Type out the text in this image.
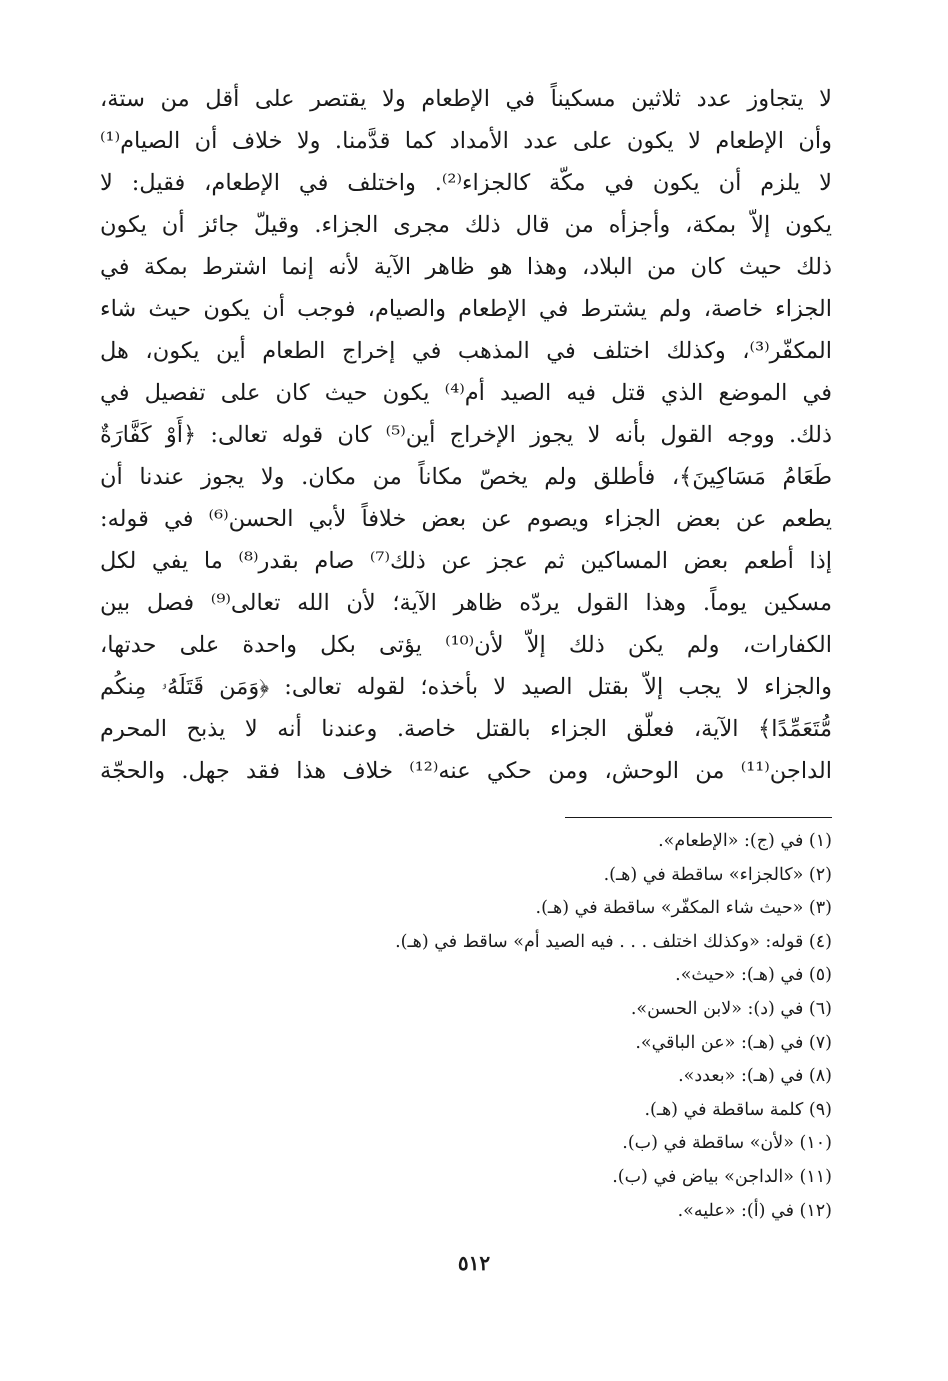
لا يتجاوز عدد ثلاثين مسكيناً في الإطعام ولا يقتصر على أقل من ستة،
وأن الإطعام لا يكون على عدد الأمداد كما قدَّمنا. ولا خلاف أن الصيام⁽¹⁾
لا يلزم أن يكون في مكّة كالجزاء⁽²⁾. واختلف في الإطعام، فقيل: لا
يكون إلاّ بمكة، وأجزأه من قال ذلك مجرى الجزاء. وقيلّ جائز أن يكون
ذلك حيث كان من البلاد، وهذا هو ظاهر الآية لأنه إنما اشترط بمكة في
الجزاء خاصة، ولم يشترط في الإطعام والصيام، فوجب أن يكون حيث شاء
المكفّر⁽³⁾، وكذلك اختلف في المذهب في إخراج الطعام أين يكون، هل
في الموضع الذي قتل فيه الصيد أم⁽⁴⁾ يكون حيث كان على تفصيل في
ذلك. ووجه القول بأنه لا يجوز الإخراج أين⁽⁵⁾ كان قوله تعالى: ﴿أَوْ كَفَّارَةٌ
طَعَامُ مَسَاكِينَ﴾، فأطلق ولم يخصّ مكاناً من مكان. ولا يجوز عندنا أن
يطعم عن بعض الجزاء ويصوم عن بعض خلافاً لأبي الحسن⁽⁶⁾ في قوله:
إذا أطعم بعض المساكين ثم عجز عن ذلك⁽⁷⁾ صام بقدر⁽⁸⁾ ما يفي لكل
مسكين يوماً. وهذا القول يردّه ظاهر الآية؛ لأن الله تعالى⁽⁹⁾ فصل بين
الكفارات، ولم يكن ذلك إلاّ لأن⁽¹⁰⁾ يؤتى بكل واحدة على حدتها،
والجزاء لا يجب إلاّ بقتل الصيد لا بأخذه؛ لقوله تعالى: ﴿وَمَن قَتَلَهُۥ مِنكُم
مُّتَعَمِّدًا﴾ الآية، فعلّق الجزاء بالقتل خاصة. وعندنا أنه لا يذبح المحرم
الداجن⁽¹¹⁾ من الوحش، ومن حكي عنه⁽¹²⁾ خلاف هذا فقد جهل. والحجّة
(١) في (ج): «الإطعام».
(٢) «كالجزاء» ساقطة في (هـ).
(٣) «حيث شاء المكفّر» ساقطة في (هـ).
(٤) قوله: «وكذلك اختلف . . . فيه الصيد أم» ساقط في (هـ).
(٥) في (هـ): «حيث».
(٦) في (د): «لابن الحسن».
(٧) في (هـ): «عن الباقي».
(٨) في (هـ): «بعدد».
(٩) كلمة ساقطة في (هـ).
(١٠) «لأن» ساقطة في (ب).
(١١) «الداجن» بياض في (ب).
(١٢) في (أ): «عليه».
٥١٢
